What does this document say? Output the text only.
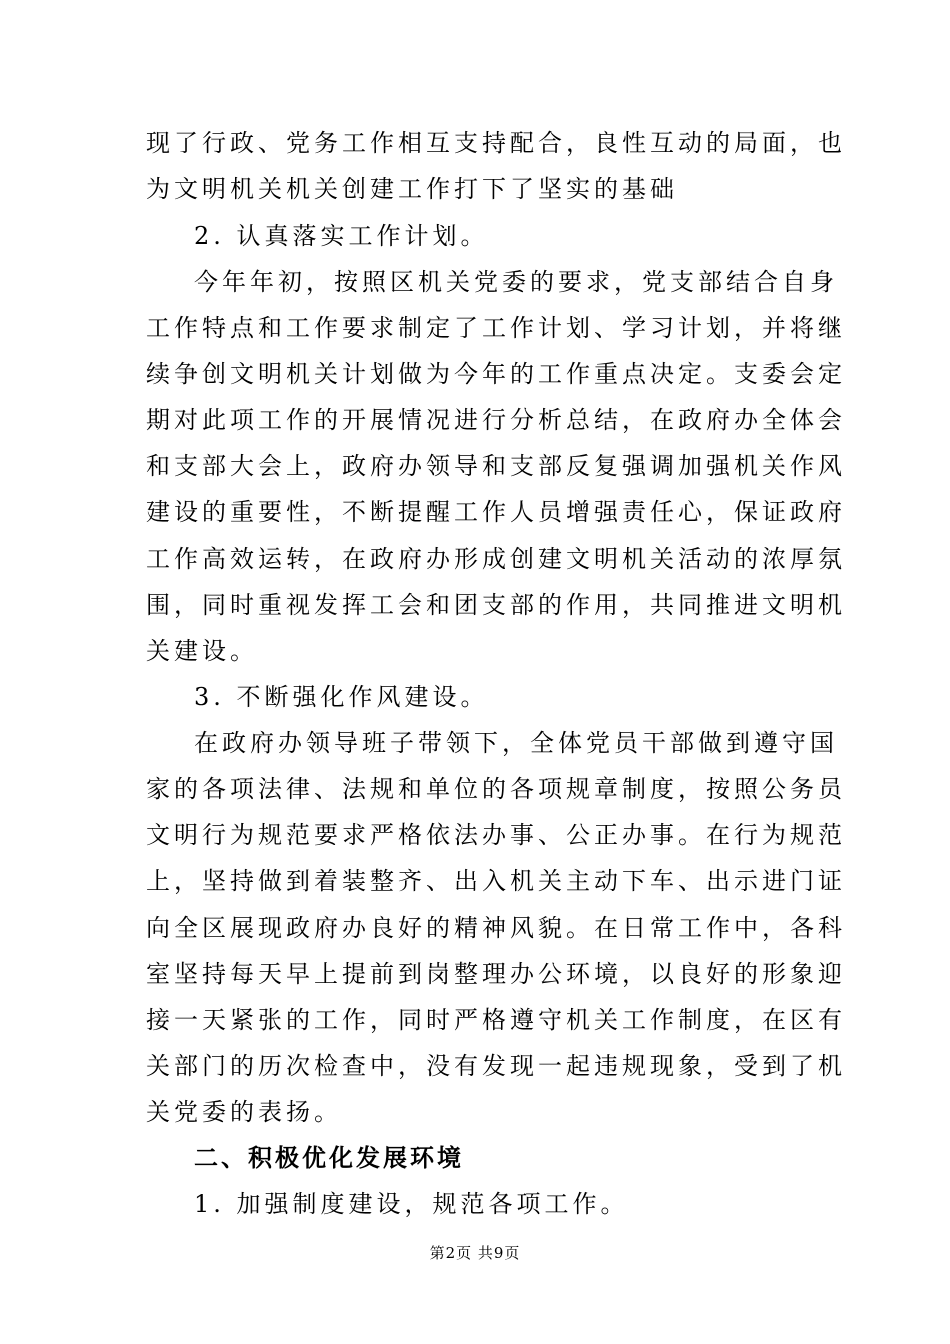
现了行政、党务工作相互支持配合，良性互动的局面，也
为文明机关机关创建工作打下了坚实的基础
2. 认真落实工作计划。
今年年初，按照区机关党委的要求，党支部结合自身
工作特点和工作要求制定了工作计划、学习计划，并将继
续争创文明机关计划做为今年的工作重点决定。支委会定
期对此项工作的开展情况进行分析总结，在政府办全体会
和支部大会上，政府办领导和支部反复强调加强机关作风
建设的重要性，不断提醒工作人员增强责任心，保证政府
工作高效运转，在政府办形成创建文明机关活动的浓厚氛
围，同时重视发挥工会和团支部的作用，共同推进文明机
关建设。
3. 不断强化作风建设。
在政府办领导班子带领下，全体党员干部做到遵守国
家的各项法律、法规和单位的各项规章制度，按照公务员
文明行为规范要求严格依法办事、公正办事。在行为规范
上，坚持做到着装整齐、出入机关主动下车、出示进门证
向全区展现政府办良好的精神风貌。在日常工作中，各科
室坚持每天早上提前到岗整理办公环境，以良好的形象迎
接一天紧张的工作，同时严格遵守机关工作制度，在区有
关部门的历次检查中，没有发现一起违规现象，受到了机
关党委的表扬。
二、积极优化发展环境
1. 加强制度建设，规范各项工作。
第2页 共9页
